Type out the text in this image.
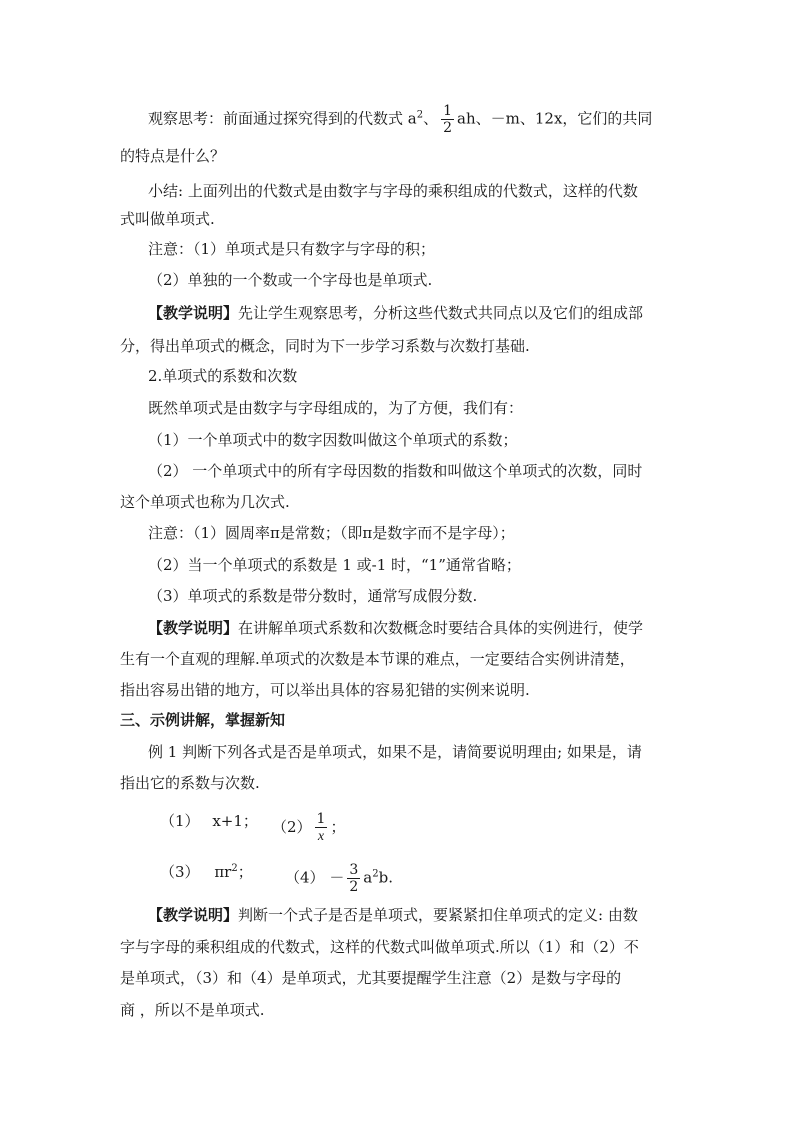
观察思考：前面通过探究得到的代数式 $a^2$、 $\frac{1}{2}$ ah、－m、12x，它们的共同
的特点是什么？
小结: 上面列出的代数式是由数字与字母的乘积组成的代数式，这样的代数
式叫做单项式.
注意：（1）单项式是只有数字与字母的积；
（2）单独的一个数或一个字母也是单项式.
【教学说明】先让学生观察思考，分析这些代数式共同点以及它们的组成部
分，得出单项式的概念，同时为下一步学习系数与次数打基础.
2.单项式的系数和次数
既然单项式是由数字与字母组成的，为了方便，我们有：
（1）一个单项式中的数字因数叫做这个单项式的系数；
（2） 一个单项式中的所有字母因数的指数和叫做这个单项式的次数，同时
这个单项式也称为几次式.
注意：（1）圆周率π是常数；（即π是数字而不是字母）；
（2）当一个单项式的系数是 1 或-1 时，“1”通常省略；
（3）单项式的系数是带分数时，通常写成假分数.
【教学说明】在讲解单项式系数和次数概念时要结合具体的实例进行，使学
生有一个直观的理解.单项式的次数是本节课的难点，一定要结合实例讲清楚，
指出容易出错的地方，可以举出具体的容易犯错的实例来说明.
三、示例讲解，掌握新知
例 1 判断下列各式是否是单项式，如果不是，请简要说明理由; 如果是，请
指出它的系数与次数.
（1） x+1； $(2) \frac{1}{x}$ ；
（3） $\pi r^2$； $(4) - \frac{3}{2} a^2b$.
【教学说明】判断一个式子是否是单项式，要紧紧扣住单项式的定义: 由数
字与字母的乘积组成的代数式，这样的代数式叫做单项式.所以（1）和（2）不
是单项式，（3）和（4）是单项式，尤其要提醒学生注意（2）是数与字母的
商 ，所以不是单项式.
